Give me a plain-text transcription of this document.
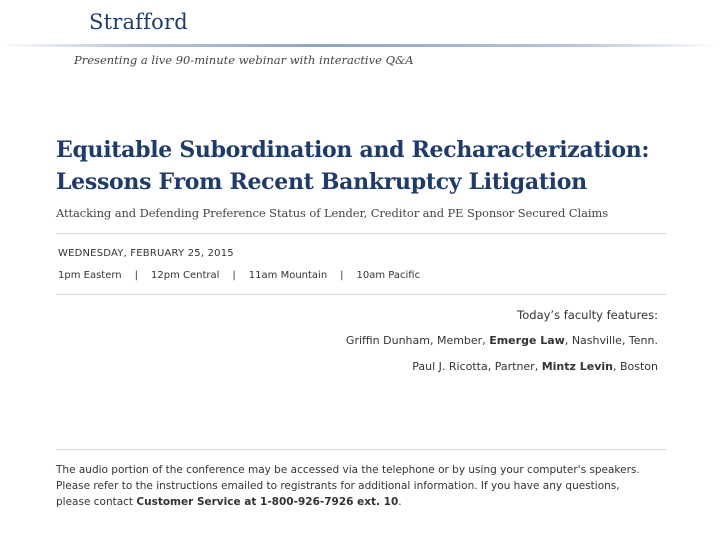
Strafford
Presenting a live 90-minute webinar with interactive Q&A
Equitable Subordination and Recharacterization:
Lessons From Recent Bankruptcy Litigation
Attacking and Defending Preference Status of Lender, Creditor and PE Sponsor Secured Claims
WEDNESDAY, FEBRUARY 25, 2015
1pm Eastern | 12pm Central | 11am Mountain | 10am Pacific
Today’s faculty features:
Griffin Dunham, Member, Emerge Law, Nashville, Tenn.
Paul J. Ricotta, Partner, Mintz Levin, Boston
The audio portion of the conference may be accessed via the telephone or by using your computer's speakers. Please refer to the instructions emailed to registrants for additional information. If you have any questions, please contact Customer Service at 1-800-926-7926 ext. 10.
